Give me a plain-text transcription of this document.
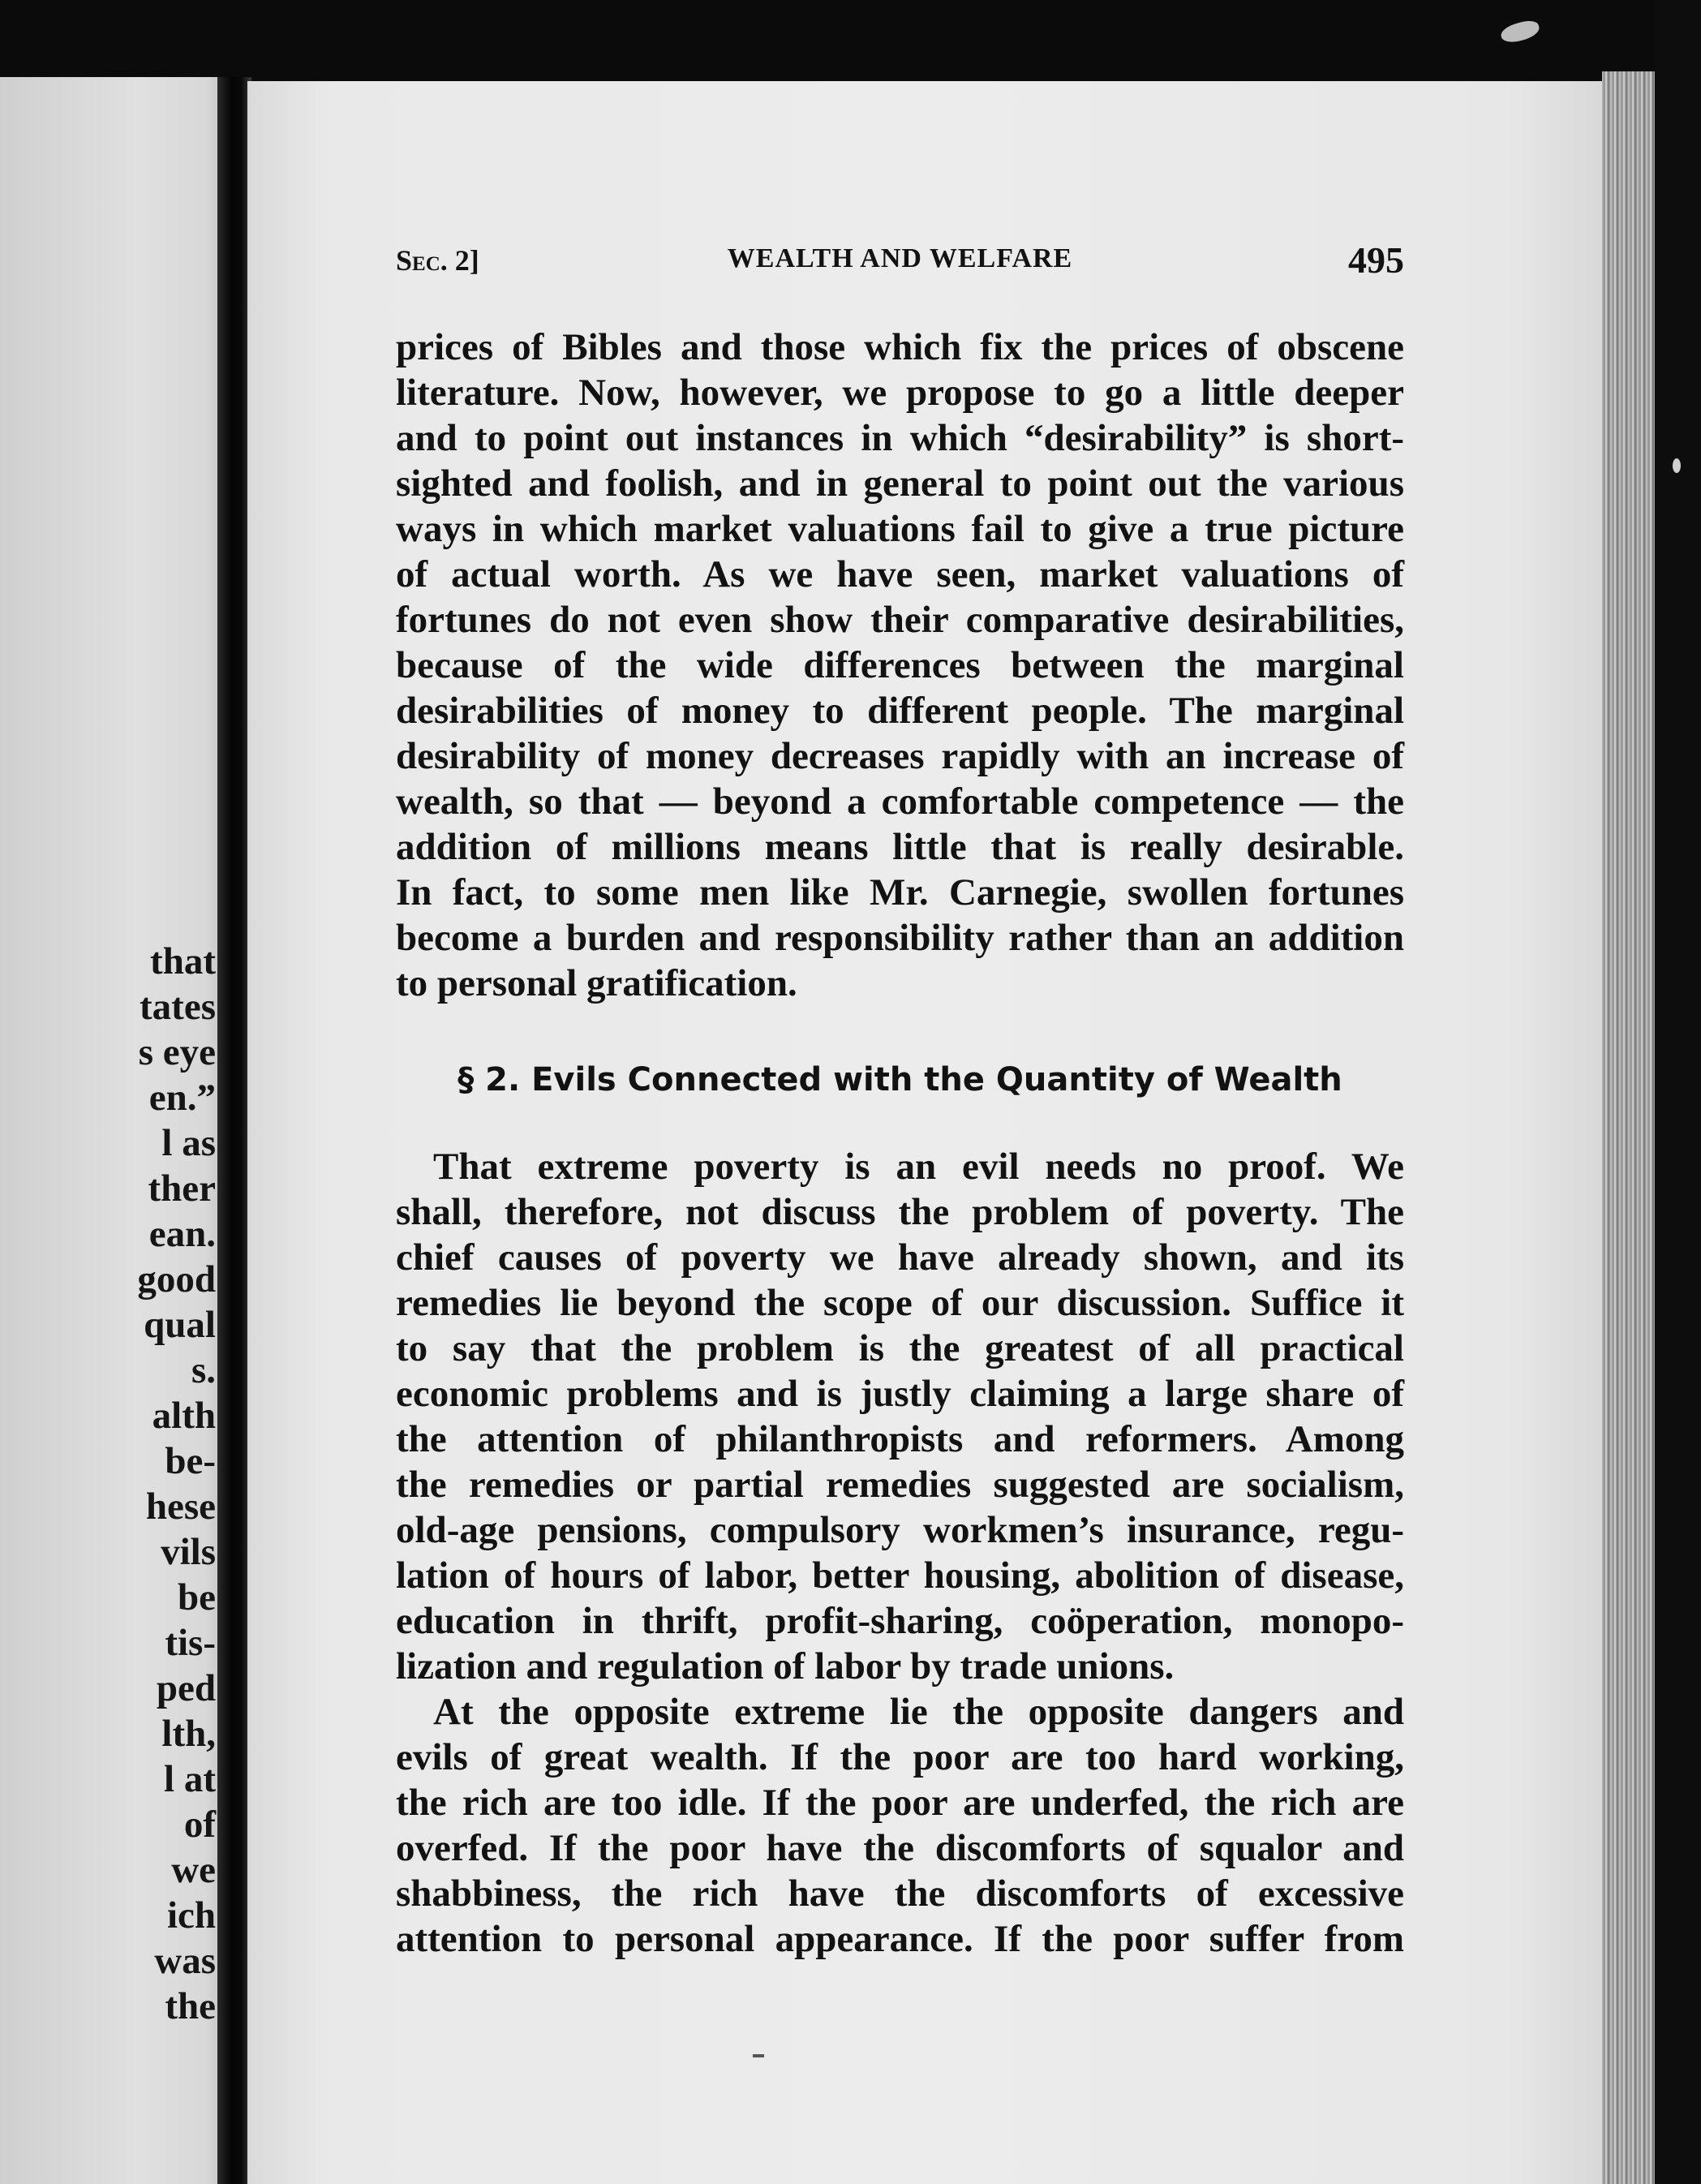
that
tates
s eye
en.”
l as
ther
ean.
good
qual
s.
alth
be-
hese
vils
be
tis-
ped
lth,
l at
of
we
ich
was
the
Sec. 2]	WEALTH AND WELFARE	495
prices of Bibles and those which fix the prices of obscene
literature. Now, however, we propose to go a little deeper
and to point out instances in which “desirability” is short-
sighted and foolish, and in general to point out the various
ways in which market valuations fail to give a true picture
of actual worth. As we have seen, market valuations of
fortunes do not even show their comparative desirabilities,
because of the wide differences between the marginal
desirabilities of money to different people. The marginal
desirability of money decreases rapidly with an increase of
wealth, so that — beyond a comfortable competence — the
addition of millions means little that is really desirable.
In fact, to some men like Mr. Carnegie, swollen fortunes
become a burden and responsibility rather than an addition
to personal gratification.
That extreme poverty is an evil needs no proof. We
shall, therefore, not discuss the problem of poverty. The
chief causes of poverty we have already shown, and its
remedies lie beyond the scope of our discussion. Suffice it
to say that the problem is the greatest of all practical
economic problems and is justly claiming a large share of
the attention of philanthropists and reformers. Among
the remedies or partial remedies suggested are socialism,
old-age pensions, compulsory workmen’s insurance, regu-
lation of hours of labor, better housing, abolition of disease,
education in thrift, profit-sharing, coöperation, monopo-
lization and regulation of labor by trade unions.
At the opposite extreme lie the opposite dangers and
evils of great wealth. If the poor are too hard working,
the rich are too idle. If the poor are underfed, the rich are
overfed. If the poor have the discomforts of squalor and
shabbiness, the rich have the discomforts of excessive
attention to personal appearance. If the poor suffer from
§ 2. Evils Connected with the Quantity of Wealth
